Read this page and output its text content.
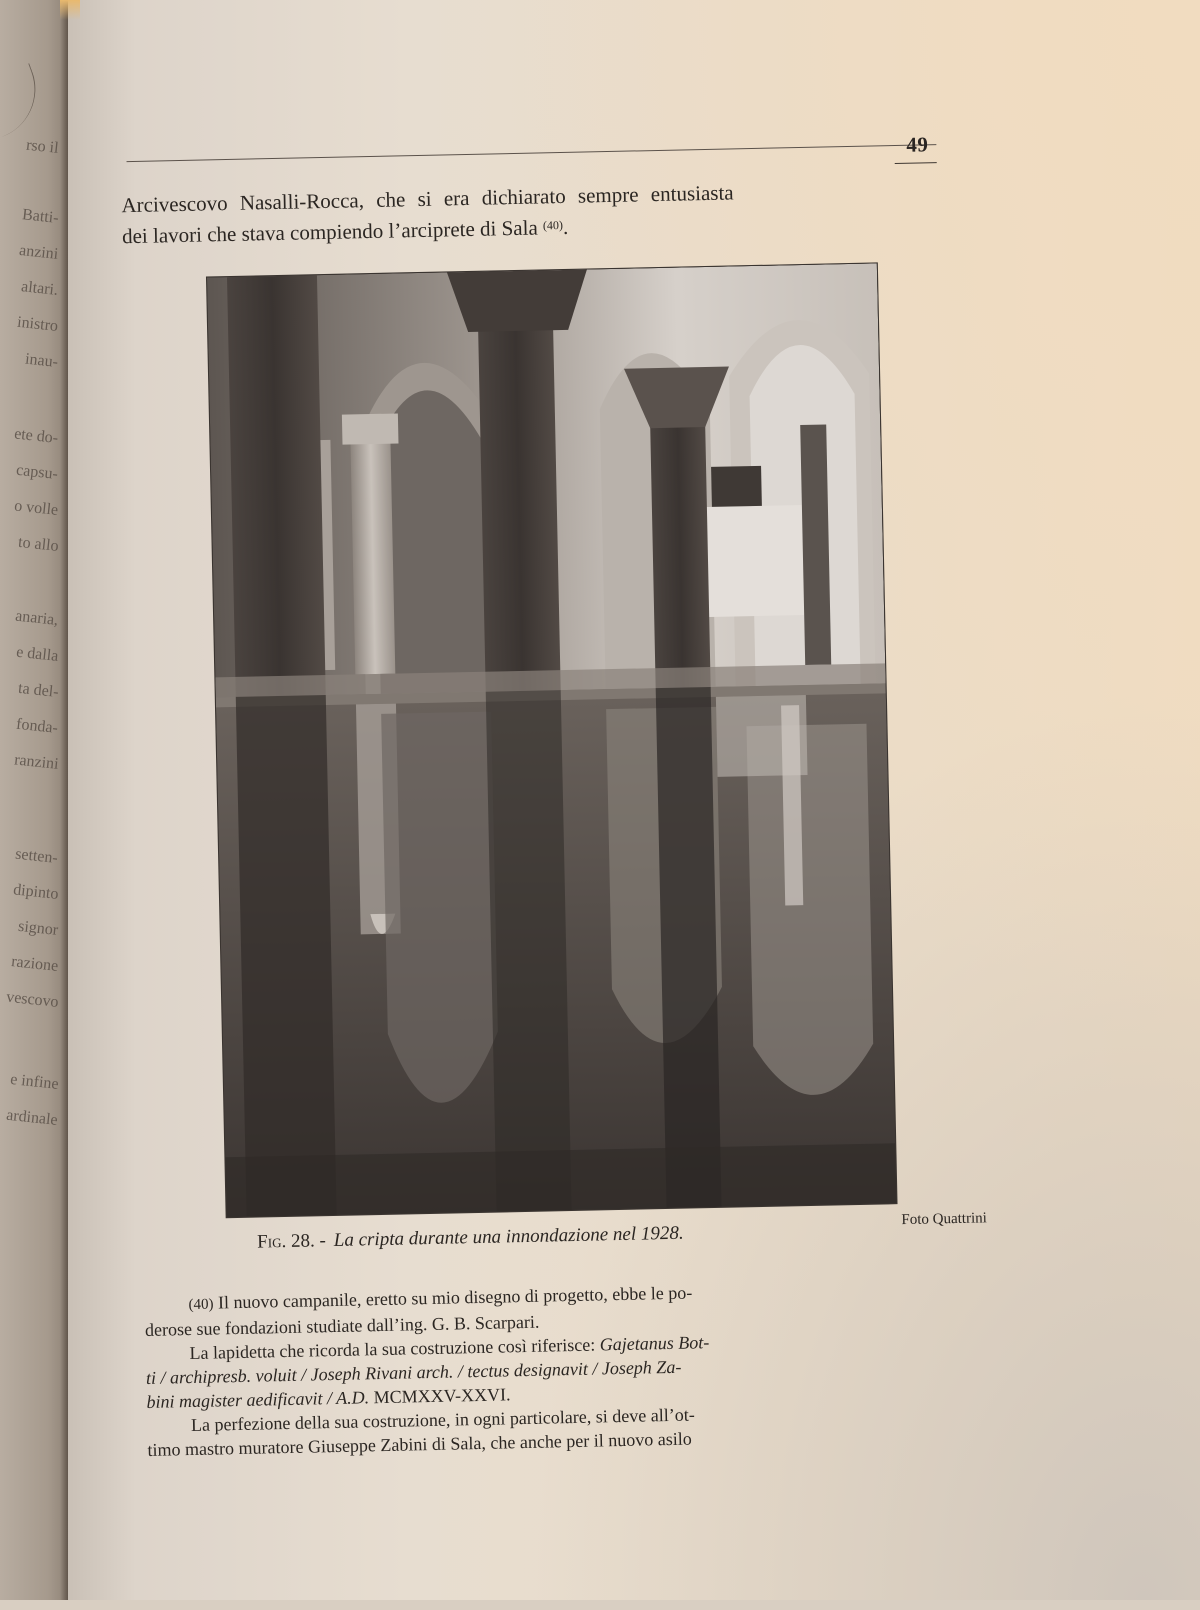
rso il
Batti-
anzini
altari.
inistro
inau-
ete do-
capsu-
o volle
to allo
anaria,
e dalla
ta del-
fonda-
ranzini
setten-
dipinto
signor
razione
vescovo
e infine
ardinale
49
Arcivescovo Nasalli-Rocca, che si era dichiarato sempre entusiasta
dei lavori che stava compiendo l’arciprete di Sala $^{(40)}$.
Fig. 28. - La cripta durante una innondazione nel 1928.
Foto Quattrini
(40) Il nuovo campanile, eretto su mio disegno di progetto, ebbe le po-
derose sue fondazioni studiate dall’ing. G. B. Scarpari.
La lapidetta che ricorda la sua costruzione così riferisce: Gajetanus Bot-
ti / archipresb. voluit / Joseph Rivani arch. / tectus designavit / Joseph Za-
bini magister aedificavit / A.D. MCMXXV-XXVI.
La perfezione della sua costruzione, in ogni particolare, si deve all’ot-
timo mastro muratore Giuseppe Zabini di Sala, che anche per il nuovo asilo
